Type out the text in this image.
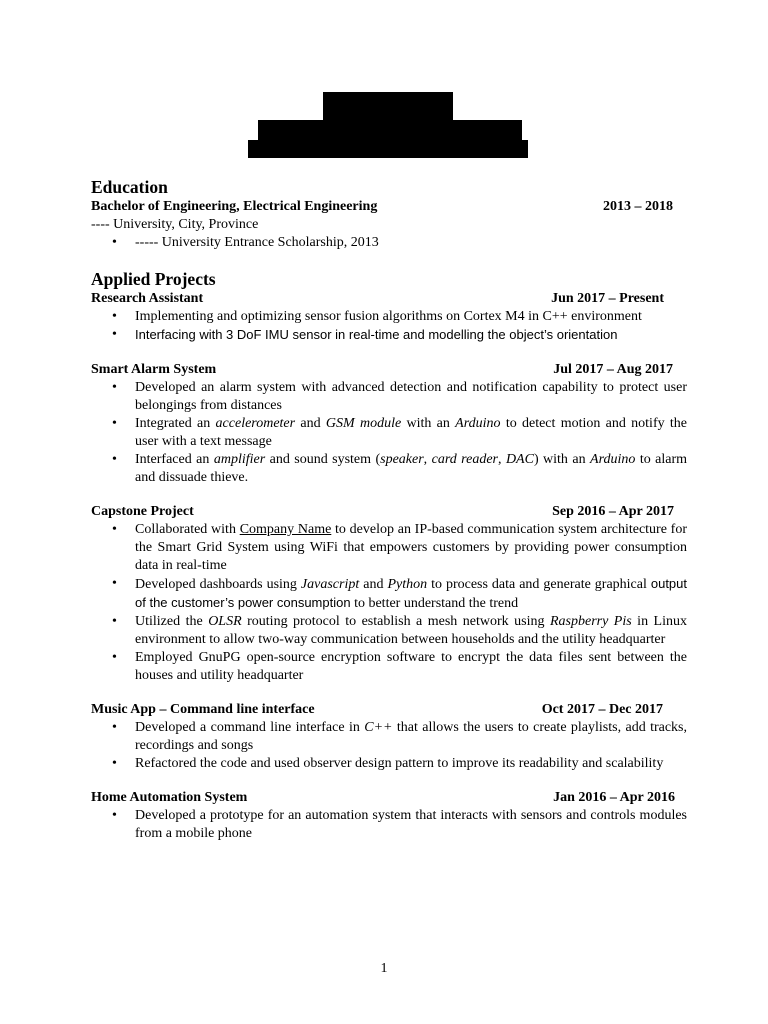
Education
Bachelor of Engineering, Electrical Engineering	2013 – 2018
---- University, City, Province
• ----- University Entrance Scholarship, 2013
Applied Projects
Research Assistant	Jun 2017 – Present
• Implementing and optimizing sensor fusion algorithms on Cortex M4 in C++ environment
• Interfacing with 3 DoF IMU sensor in real-time and modelling the object’s orientation
Smart Alarm System	Jul 2017 – Aug 2017
• Developed an alarm system with advanced detection and notification capability to protect user belongings from distances
• Integrated an accelerometer and GSM module with an Arduino to detect motion and notify the user with a text message
• Interfaced an amplifier and sound system (speaker, card reader, DAC) with an Arduino to alarm and dissuade thieve.
Capstone Project	Sep 2016 – Apr 2017
• Collaborated with Company Name to develop an IP-based communication system architecture for the Smart Grid System using WiFi that empowers customers by providing power consumption data in real-time
• Developed dashboards using Javascript and Python to process data and generate graphical output of the customer’s power consumption to better understand the trend
• Utilized the OLSR routing protocol to establish a mesh network using Raspberry Pis in Linux environment to allow two-way communication between households and the utility headquarter
• Employed GnuPG open-source encryption software to encrypt the data files sent between the houses and utility headquarter
Music App – Command line interface	Oct 2017 – Dec 2017
• Developed a command line interface in C++ that allows the users to create playlists, add tracks, recordings and songs
• Refactored the code and used observer design pattern to improve its readability and scalability
Home Automation System	Jan 2016 – Apr 2016
• Developed a prototype for an automation system that interacts with sensors and controls modules from a mobile phone
1
